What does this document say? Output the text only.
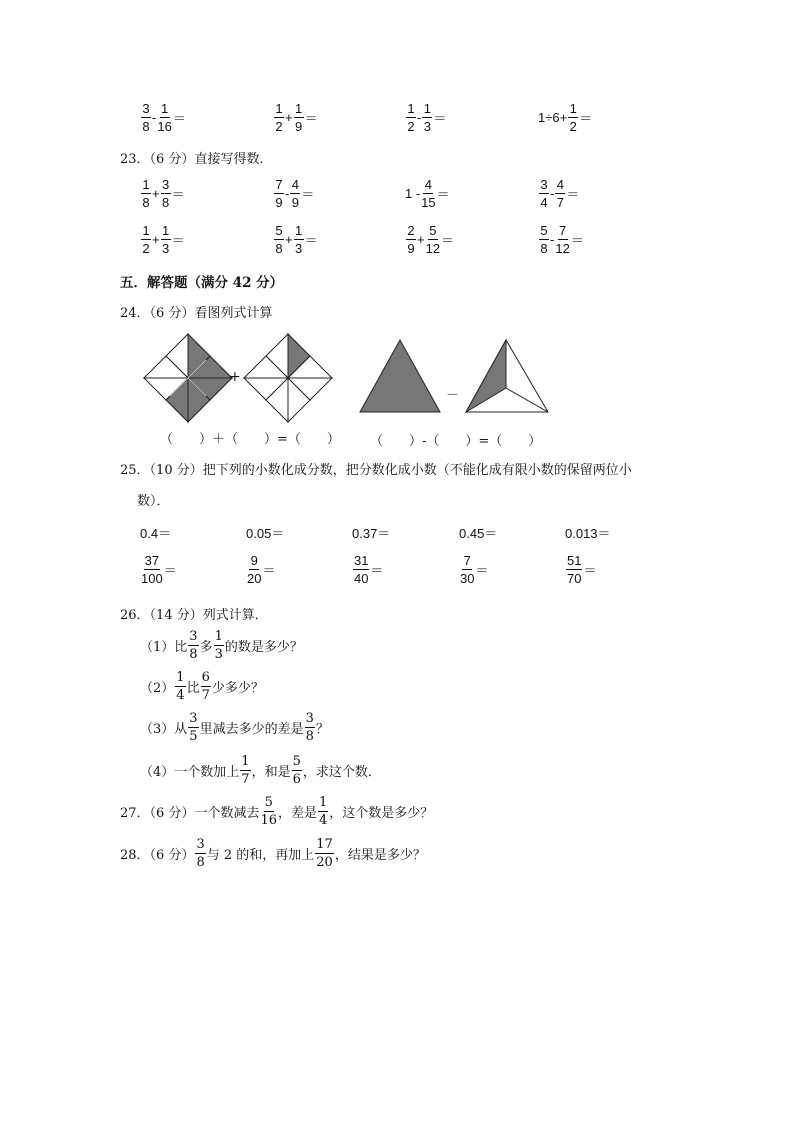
$\frac{3}{8} - \frac{1}{16}$ ＝	$\frac{1}{2} + \frac{1}{9}$ ＝	$\frac{1}{2} - \frac{1}{3}$ ＝	$1\div 6+ \frac{1}{2}$ ＝
23．（6 分）直接写得数．
$\frac{1}{8} + \frac{3}{8}$ ＝	$\frac{7}{9} - \frac{4}{9}$ ＝	$1 - \frac{4}{15}$ ＝	$\frac{3}{4} - \frac{4}{7}$ ＝
$\frac{1}{2} + \frac{1}{3}$ ＝	$\frac{5}{8} + \frac{1}{3}$ ＝	$\frac{2}{9} + \frac{5}{12}$ ＝	$\frac{5}{8} - \frac{7}{12}$ ＝
五．解答题（满分 42 分）
24．（6 分）看图列式计算
+
－
（　　）＋（　　）=（　　） （　　）-（　　）=（　　）
25．（10 分）把下列的小数化成分数，把分数化成小数（不能化成有限小数的保留两位小
数）．
0.4＝	0.05＝	0.37＝	0.45＝	0.013＝
$\frac{37}{100}$ ＝	$\frac{9}{20}$ ＝	$\frac{31}{40}$ ＝	$\frac{7}{30}$ ＝	$\frac{51}{70}$ ＝
26．（14 分）列式计算．
（1）比 $\frac{3}{8}$ 多 $\frac{1}{3}$ 的数是多少？
$(2) \frac{1}{4}$ 比 $\frac{6}{7}$ 少多少？
（3）从 $\frac{3}{5}$ 里减去多少的差是 $\frac{3}{8}$ ？
（4）一个数加上 $\frac{1}{7}$ ，和是 $\frac{5}{6}$ ，求这个数．
27．（6 分）一个数减去 $\frac{5}{16}$ ，差是 $\frac{1}{4}$ ，这个数是多少？
28．（6 分） $\frac{3}{8}$ 与 2 的和，再加上 $\frac{17}{20}$ ，结果是多少？
